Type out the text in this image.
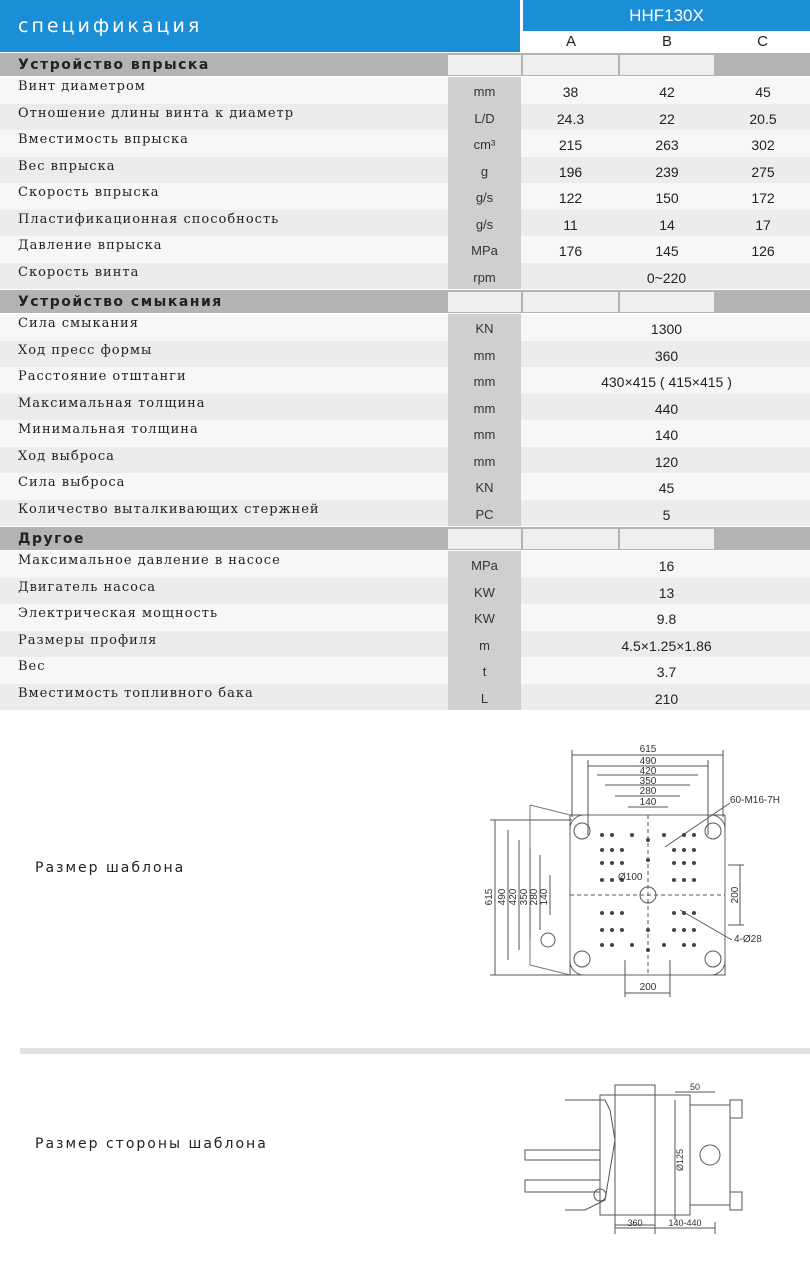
спецификация	HHF130X
A	B	C
Устройство впрыска
Винт диаметром	mm	38	42	45
Отношение длины винта к диаметр	L/D	24.3	22	20.5
Вместимость впрыска	cm³	215	263	302
Вес впрыска	g	196	239	275
Скорость впрыска	g/s	122	150	172
Пластификационная способность	g/s	11	14	17
Давление впрыска	MPa	176	145	126
Скорость винта	rpm	0~220
Устройство смыкания
Сила смыкания	KN	1300
Ход пресс формы	mm	360
Расстояние отштанги	mm	430×415 ( 415×415 )
Максимальная толщина	mm	440
Минимальная толщина	mm	140
Ход выброса	mm	120
Сила выброса	KN	45
Количество выталкивающих стержней	PC	5
Другое
Максимальное давление в насосе	MPa	16
Двигатель насоса	KW	13
Электрическая мощность	KW	9.8
Размеры профиля	m	4.5×1.25×1.86
Вес	t	3.7
Вместимость топливного бака	L	210
Размер шаблона
615
490
420
350
280
140
615 490 420 350 280 140
60-M16-7H
Ø100
200
4-Ø28
200
Размер стороны шаблона
50
Ø125
360	140-440
